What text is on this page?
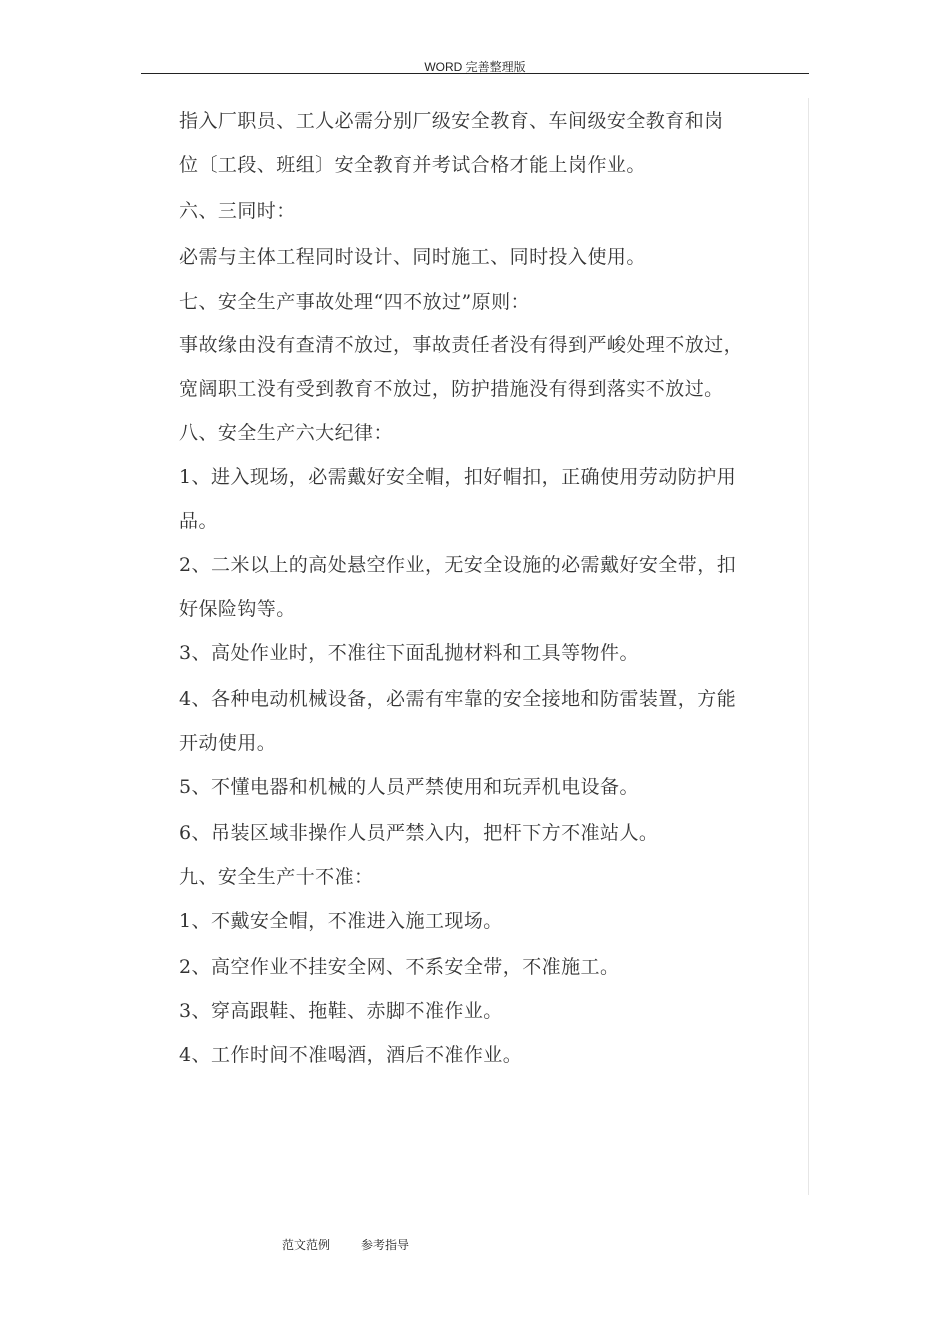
WORD 完善整理版
指入厂职员、工人必需分别厂级安全教育、车间级安全教育和岗
位〔工段、班组〕安全教育并考试合格才能上岗作业。
六、三同时：
必需与主体工程同时设计、同时施工、同时投入使用。
七、安全生产事故处理“四不放过”原则：
事故缘由没有查清不放过，事故责任者没有得到严峻处理不放过，
宽阔职工没有受到教育不放过，防护措施没有得到落实不放过。
八、安全生产六大纪律：
1、进入现场，必需戴好安全帽，扣好帽扣，正确使用劳动防护用
品。
2、二米以上的高处悬空作业，无安全设施的必需戴好安全带，扣
好保险钩等。
3、高处作业时，不准往下面乱抛材料和工具等物件。
4、各种电动机械设备，必需有牢靠的安全接地和防雷装置，方能
开动使用。
5、不懂电器和机械的人员严禁使用和玩弄机电设备。
6、吊装区域非操作人员严禁入内，把杆下方不准站人。
九、安全生产十不准：
1、不戴安全帽，不准进入施工现场。
2、高空作业不挂安全网、不系安全带，不准施工。
3、穿高跟鞋、拖鞋、赤脚不准作业。
4、工作时间不准喝酒，酒后不准作业。
范文范例	参考指导
